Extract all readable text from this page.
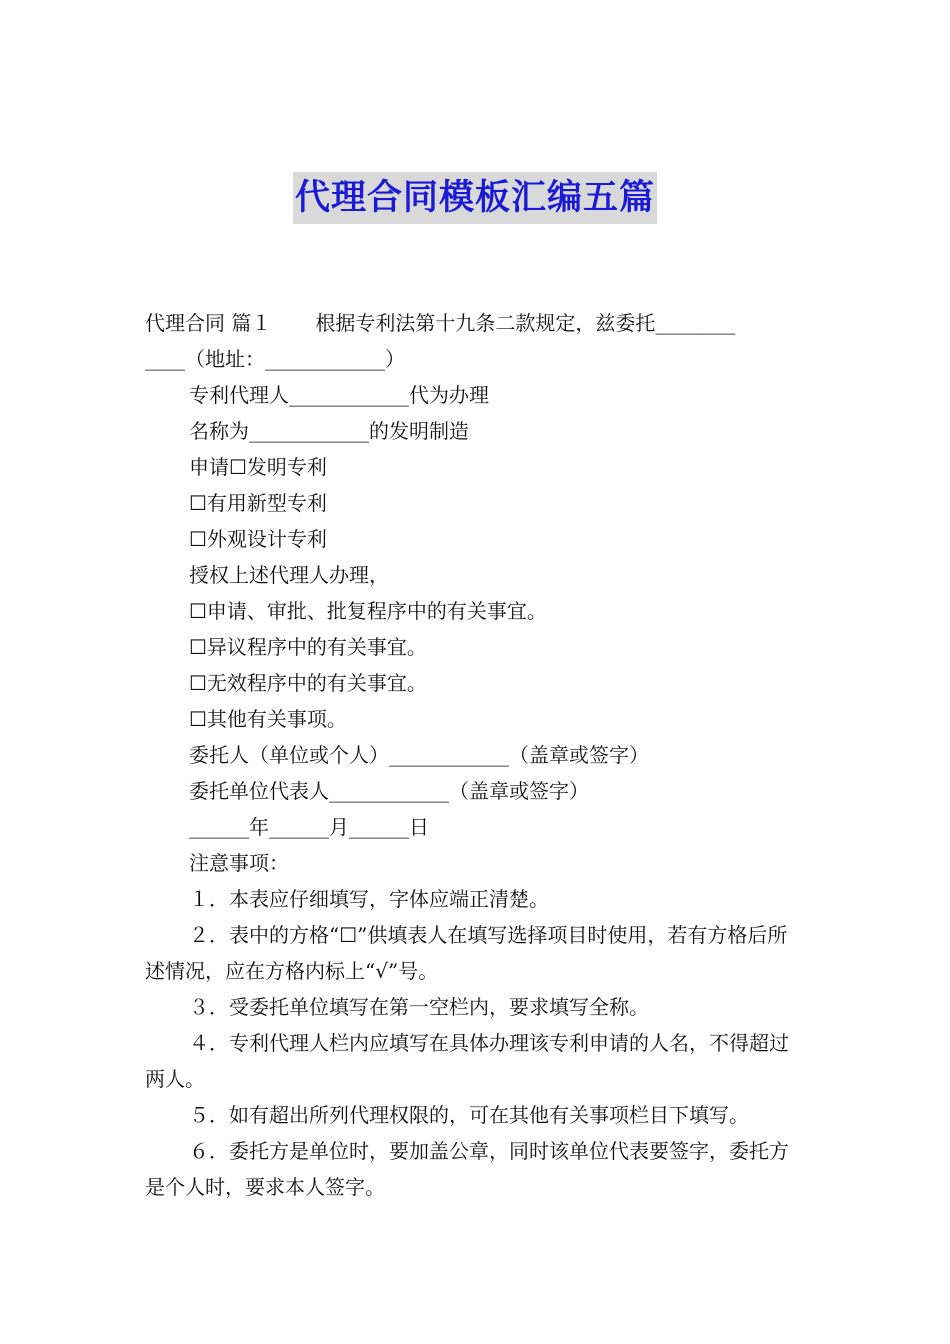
代理合同模板汇编五篇

代理合同 篇１ 根据专利法第十九条二款规定，兹委托________

____（地址：____________）

专利代理人____________代为办理

名称为____________的发明制造

申请☐发明专利

☐有用新型专利

☐外观设计专利

授权上述代理人办理，

☐申请、审批、批复程序中的有关事宜。

☐异议程序中的有关事宜。

☐无效程序中的有关事宜。

☐其他有关事项。

委托人（单位或个人）____________（盖章或签字）

委托单位代表人____________（盖章或签字）

______年______月______日

注意事项：

１．本表应仔细填写，字体应端正清楚。

２．表中的方格“☐”供填表人在填写选择项目时使用，若有方格后所述情况，应在方格内标上“√”号。

３．受委托单位填写在第一空栏内，要求填写全称。

４．专利代理人栏内应填写在具体办理该专利申请的人名，不得超过两人。

５．如有超出所列代理权限的，可在其他有关事项栏目下填写。

６．委托方是单位时，要加盖公章，同时该单位代表要签字，委托方是个人时，要求本人签字。
